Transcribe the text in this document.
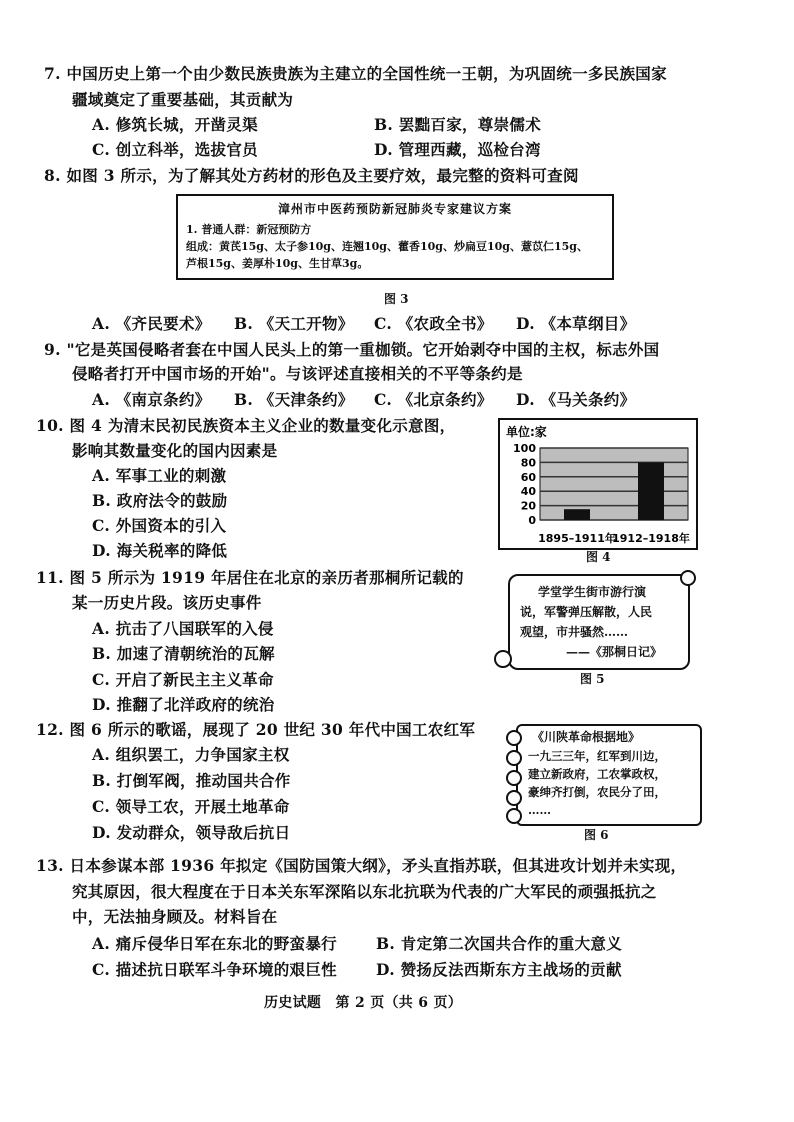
7. 中国历史上第一个由少数民族贵族为主建立的全国性统一王朝，为巩固统一多民族国家
疆域奠定了重要基础，其贡献为
A. 修筑长城，开凿灵渠	B. 罢黜百家，尊崇儒术
C. 创立科举，选拔官员	D. 管理西藏，巡检台湾
8. 如图 3 所示，为了解其处方药材的形色及主要疗效，最完整的资料可查阅
漳州市中医药预防新冠肺炎专家建议方案
1. 普通人群：新冠预防方
组成：黄芪15g、太子参10g、连翘10g、藿香10g、炒扁豆10g、薏苡仁15g、
芦根15g、姜厚朴10g、生甘草3g。
图 3
A. 《齐民要术》 B. 《天工开物》 C. 《农政全书》 D. 《本草纲目》
9. "它是英国侵略者套在中国人民头上的第一重枷锁。它开始剥夺中国的主权，标志外国
侵略者打开中国市场的开始"。与该评述直接相关的不平等条约是
A. 《南京条约》 B. 《天津条约》 C. 《北京条约》 D. 《马关条约》
10. 图 4 为清末民初民族资本主义企业的数量变化示意图，
影响其数量变化的国内因素是
A. 军事工业的刺激
B. 政府法令的鼓励
C. 外国资本的引入
D. 海关税率的降低
单位:家
100
80
60
40
20
0
1895–1911年
1912–1918年
图 4
11. 图 5 所示为 1919 年居住在北京的亲历者那桐所记载的
某一历史片段。该历史事件
A. 抗击了八国联军的入侵
B. 加速了清朝统治的瓦解
C. 开启了新民主主义革命
D. 推翻了北洋政府的统治
学堂学生街市游行演
说，军警弹压解散，人民
观望，市井骚然……
——《那桐日记》
图 5
12. 图 6 所示的歌谣，展现了 20 世纪 30 年代中国工农红军
A. 组织罢工，力争国家主权
B. 打倒军阀，推动国共合作
C. 领导工农，开展土地革命
D. 发动群众，领导敌后抗日
《川陕革命根据地》
一九三三年，红军到川边，
建立新政府，工农掌政权，
豪绅齐打倒，农民分了田，
……
图 6
13. 日本参谋本部 1936 年拟定《国防国策大纲》，矛头直指苏联，但其进攻计划并未实现，
究其原因，很大程度在于日本关东军深陷以东北抗联为代表的广大军民的顽强抵抗之
中，无法抽身顾及。材料旨在
A. 痛斥侵华日军在东北的野蛮暴行	B. 肯定第二次国共合作的重大意义
C. 描述抗日联军斗争环境的艰巨性	D. 赞扬反法西斯东方主战场的贡献
历史试题　第 2 页（共 6 页）
